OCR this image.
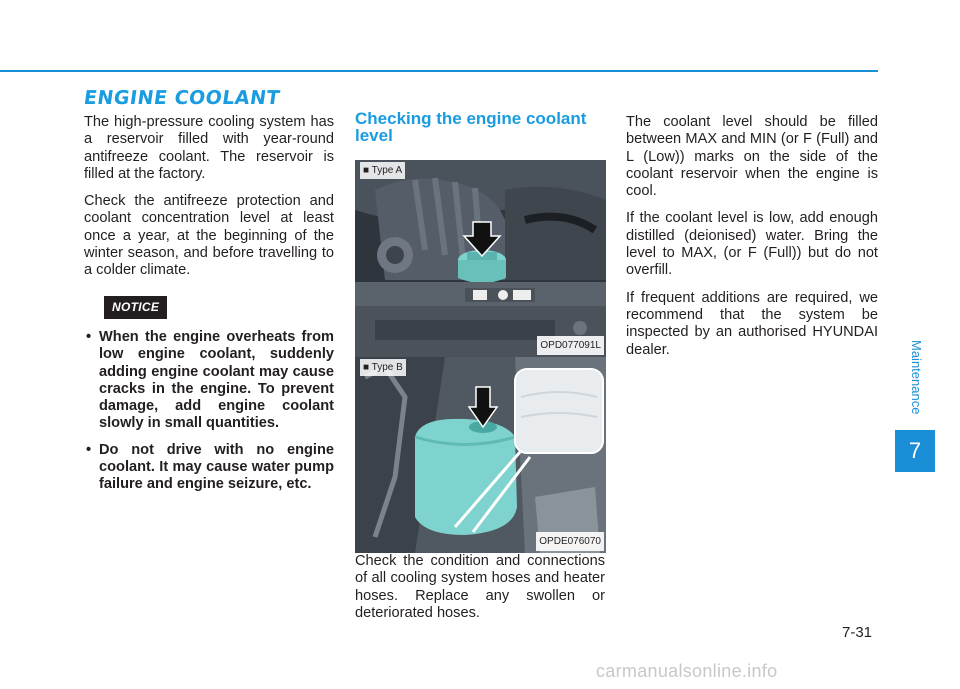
ENGINE COOLANT

The high-pressure cooling system has a reservoir filled with year-round antifreeze coolant. The reservoir is filled at the factory.

Check the antifreeze protection and coolant concentration level at least once a year, at the beginning of the winter season, and before travelling to a colder climate.

NOTICE
• When the engine overheats from low engine coolant, suddenly adding engine coolant may cause cracks in the engine. To prevent damage, add engine coolant slowly in small quantities.
• Do not drive with no engine coolant. It may cause water pump failure and engine seizure, etc.
Checking the engine coolant level
■ Type A
OPD077091L
■ Type B
OPDE076070

Check the condition and connections of all cooling system hoses and heater hoses. Replace any swollen or deteriorated hoses.

The coolant level should be filled between MAX and MIN (or F (Full) and L (Low)) marks on the side of the coolant reservoir when the engine is cool.

If the coolant level is low, add enough distilled (deionised) water. Bring the level to MAX, (or F (Full)) but do not overfill.

If frequent additions are required, we recommend that the system be inspected by an authorised HYUNDAI dealer.	Maintenance
7
7-31
carmanualsonline.info
